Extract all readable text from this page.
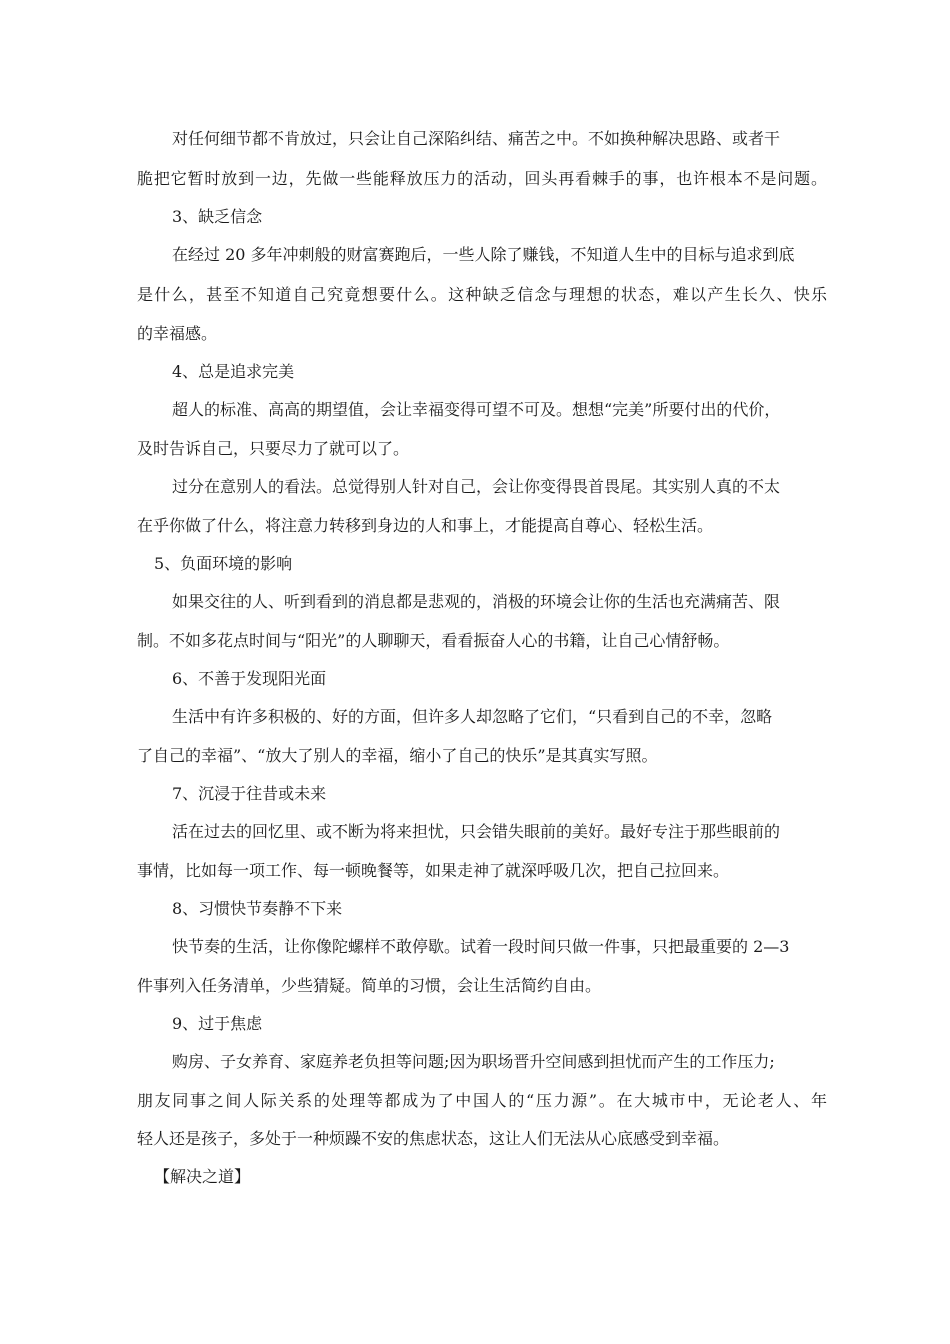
对任何细节都不肯放过，只会让自己深陷纠结、痛苦之中。不如换种解决思路、或者干
脆把它暂时放到一边，先做一些能释放压力的活动，回头再看棘手的事，也许根本不是问题。
3、缺乏信念
在经过 20 多年冲刺般的财富赛跑后，一些人除了赚钱，不知道人生中的目标与追求到底
是什么，甚至不知道自己究竟想要什么。这种缺乏信念与理想的状态，难以产生长久、快乐
的幸福感。
4、总是追求完美
超人的标准、高高的期望值，会让幸福变得可望不可及。想想“完美”所要付出的代价，
及时告诉自己，只要尽力了就可以了。
过分在意别人的看法。总觉得别人针对自己，会让你变得畏首畏尾。其实别人真的不太
在乎你做了什么，将注意力转移到身边的人和事上，才能提高自尊心、轻松生活。
5、负面环境的影响
如果交往的人、听到看到的消息都是悲观的，消极的环境会让你的生活也充满痛苦、限
制。不如多花点时间与“阳光”的人聊聊天，看看振奋人心的书籍，让自己心情舒畅。
6、不善于发现阳光面
生活中有许多积极的、好的方面，但许多人却忽略了它们，“只看到自己的不幸，忽略
了自己的幸福”、“放大了别人的幸福，缩小了自己的快乐”是其真实写照。
7、沉浸于往昔或未来
活在过去的回忆里、或不断为将来担忧，只会错失眼前的美好。最好专注于那些眼前的
事情，比如每一项工作、每一顿晚餐等，如果走神了就深呼吸几次，把自己拉回来。
8、习惯快节奏静不下来
快节奏的生活，让你像陀螺样不敢停歇。试着一段时间只做一件事，只把最重要的 2—3
件事列入任务清单，少些猜疑。简单的习惯，会让生活简约自由。
9、过于焦虑
购房、子女养育、家庭养老负担等问题;因为职场晋升空间感到担忧而产生的工作压力;
朋友同事之间人际关系的处理等都成为了中国人的“压力源”。在大城市中，无论老人、年
轻人还是孩子，多处于一种烦躁不安的焦虑状态，这让人们无法从心底感受到幸福。
【解决之道】
